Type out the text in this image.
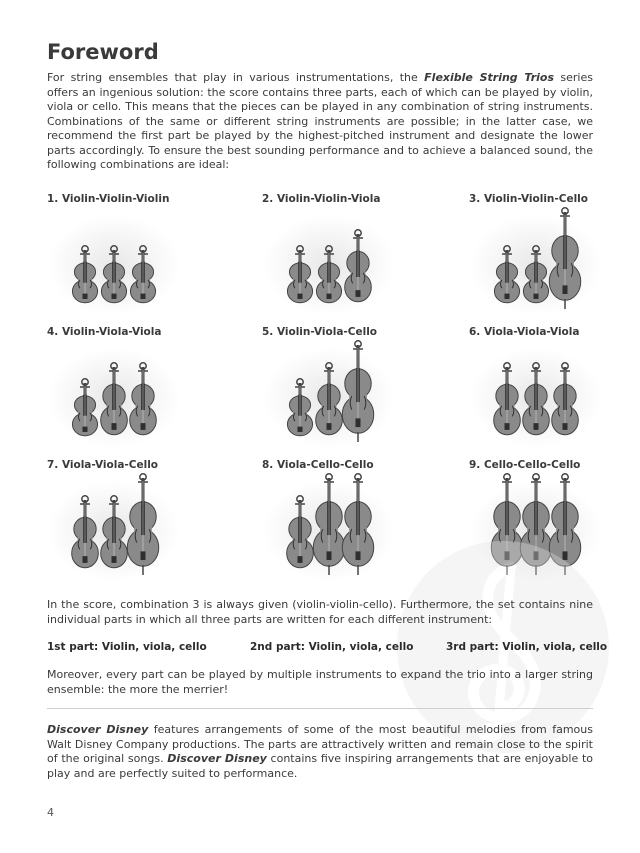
Foreword

For string ensembles that play in various instrumentations, the Flexible String Trios series offers an ingenious solution: the score contains three parts, each of which can be played by violin, viola or cello. This means that the pieces can be played in any combination of string instruments. Combinations of the same or different string instruments are possible; in the latter case, we recommend the first part be played by the highest-pitched instrument and designate the lower parts accordingly. To ensure the best sounding performance and to achieve a balanced sound, the following combinations are ideal:

1. Violin-Violin-Violin	2. Violin-Violin-Viola	3. Violin-Violin-Cello
4. Violin-Viola-Viola	5. Violin-Viola-Cello	6. Viola-Viola-Viola
7. Viola-Viola-Cello	8. Viola-Cello-Cello	9. Cello-Cello-Cello

In the score, combination 3 is always given (violin-violin-cello). Furthermore, the set contains nine individual parts in which all three parts are written for each different instrument:

1st part: Violin, viola, cello	2nd part: Violin, viola, cello	3rd part: Violin, viola, cello

Moreover, every part can be played by multiple instruments to expand the trio into a larger string ensemble: the more the merrier!

Discover Disney features arrangements of some of the most beautiful melodies from famous Walt Disney Company productions. The parts are attractively written and remain close to the spirit of the original songs. Discover Disney contains five inspiring arrangements that are enjoyable to play and are perfectly suited to performance.

4
